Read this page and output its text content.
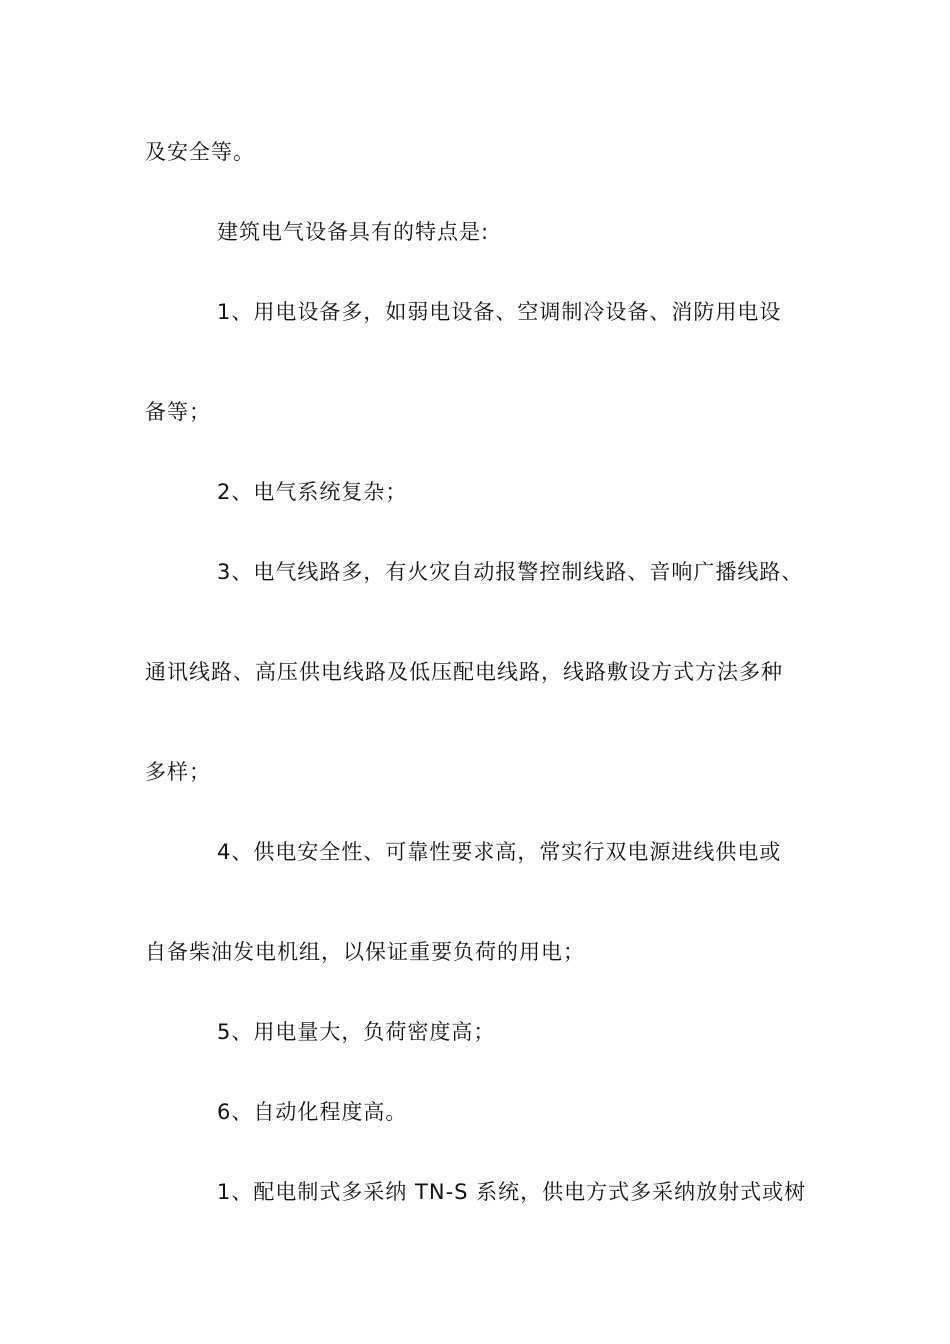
及安全等。
建筑电气设备具有的特点是:
1、用电设备多，如弱电设备、空调制冷设备、消防用电设
备等；
2、电气系统复杂；
3、电气线路多，有火灾自动报警控制线路、音响广播线路、
通讯线路、高压供电线路及低压配电线路，线路敷设方式方法多种
多样；
4、供电安全性、可靠性要求高，常实行双电源进线供电或
自备柴油发电机组，以保证重要负荷的用电；
5、用电量大，负荷密度高；
6、自动化程度高。
1、配电制式多采纳 TN-S 系统，供电方式多采纳放射式或树
